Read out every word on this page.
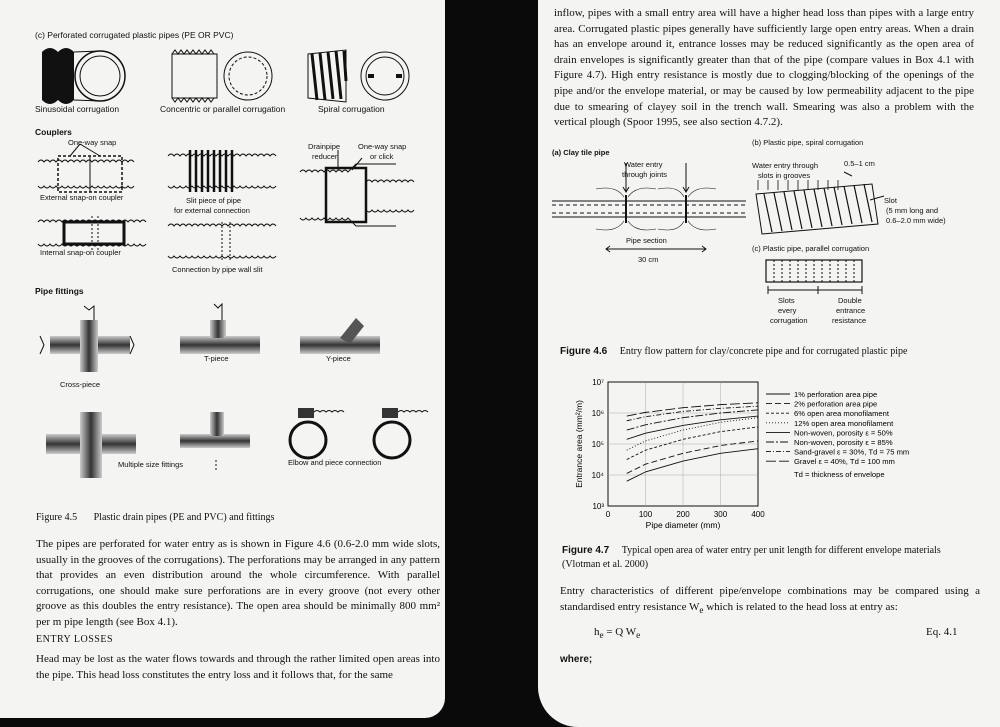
(c) Perforated corrugated plastic pipes (PE OR PVC)
Sinusoidal corrugation	Concentric or parallel corrugation	Spiral corrugation
Couplers
One-way snap
External snap-on coupler
Internal snap-on coupler
Slit piece of pipe
for external connection
Connection by pipe wall slit
Drainpipe
reducer
One-way snap
or click
Pipe fittings
Cross-piece
T-piece	Y-piece
Multiple size fittings	Elbow and piece connection
Figure 4.5 Plastic drain pipes (PE and PVC) and fittings
The pipes are perforated for water entry as is shown in Figure 4.6 (0.6-2.0 mm wide slots, usually in the grooves of the corrugations). The perforations may be arranged in any pattern that provides an even distribution around the whole circumference. With parallel corrugations, one should make sure perforations are in every groove (not every other groove as this doubles the entry resistance). The open area should be minimally 800 mm² per m pipe length (see Box 4.1).
ENTRY LOSSES
Head may be lost as the water flows towards and through the rather limited open areas into the pipe. This head loss constitutes the entry loss and it follows that, for the same
inflow, pipes with a small entry area will have a higher head loss than pipes with a large entry area. Corrugated plastic pipes generally have sufficiently large open entry areas. When a drain has an envelope around it, entrance losses may be reduced significantly as the open area of drain envelopes is significantly greater than that of the pipe (compare values in Box 4.1 with Figure 4.7). High entry resistance is mostly due to clogging/blocking of the openings of the pipe and/or the envelope material, or may be caused by low permeability adjacent to the pipe due to smearing of clayey soil in the trench wall. Smearing was also a problem with the vertical plough (Spoor 1995, see also section 4.7.2).
(a) Clay tile pipe
Water entry
through joints
Pipe section
30 cm
(b) Plastic pipe, spiral corrugation
Water entry through
slots in grooves
0.5–1 cm
Slot
(5 mm long and
0.6–2.0 mm wide)
(c) Plastic pipe, parallel corrugation
Slots
every
corrugation
Double
entrance
resistance
Figure 4.6 Entry flow pattern for clay/concrete pipe and for corrugated plastic pipe
0	100	200	300	400
10³
10⁴
10⁵
10⁶
10⁷
Pipe diameter (mm)
Entrance area (mm²/m)
1% perforation area pipe
2% perforation area pipe
6% open area monofilament
12% open area monofilament
Non-woven, porosity ε = 50%
Non-woven, porosity ε = 85%
Sand-gravel ε = 30%, Td = 75 mm
Gravel ε = 40%, Td = 100 mm
Td = thickness of envelope
Figure 4.7 Typical open area of water entry per unit length for different envelope materials (Vlotman et al. 2000)
Entry characteristics of different pipe/envelope combinations may be compared using a standardised entry resistance $W_e$ which is related to the head loss at entry as:
$h_e = Q$ $W_e$	Eq. 4.1
where;
